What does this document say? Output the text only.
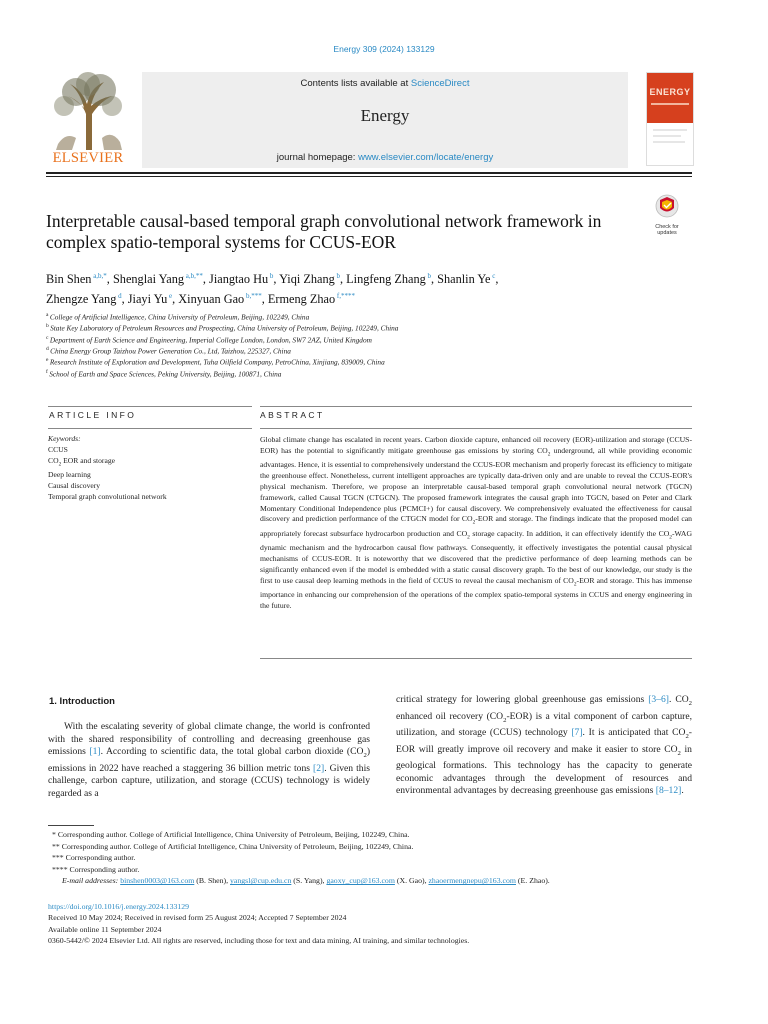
Energy 309 (2024) 133129
ELSEVIER
Contents lists available at ScienceDirect
Energy
journal homepage: www.elsevier.com/locate/energy
ENERGY
Interpretable causal-based temporal graph convolutional network framework in complex spatio-temporal systems for CCUS-EOR
Check for updates
Bin Shen $^{a,b,*}$, Shenglai Yang $^{a,b,**}$, Jiangtao Hu $^b$, Yiqi Zhang $^b$, Lingfeng Zhang $^b$, Shanlin Ye $^c$,
Zhengze Yang $^d$, Jiayi Yu $^e$, Xinyuan Gao $^{b,***}$, Ermeng Zhao $^{f,****}$
$^a$ College of Artificial Intelligence, China University of Petroleum, Beijing, 102249, China
$^b$ State Key Laboratory of Petroleum Resources and Prospecting, China University of Petroleum, Beijing, 102249, China
$^c$ Department of Earth Science and Engineering, Imperial College London, London, SW7 2AZ, United Kingdom
$^d$ China Energy Group Taizhou Power Generation Co., Ltd, Taizhou, 225327, China
$^e$ Research Institute of Exploration and Development, Tuha Oilfield Company, PetroChina, Xinjiang, 839009, China
$^f$ School of Earth and Space Sciences, Peking University, Beijing, 100871, China
ARTICLE INFO	ABSTRACT
Keywords:
CCUS
$CO_2$ EOR and storage
Deep learning
Causal discovery
Temporal graph convolutional network
Global climate change has escalated in recent years. Carbon dioxide capture, enhanced oil recovery (EOR)-utilization and storage (CCUS-EOR) has the potential to significantly mitigate greenhouse gas emissions by storing $CO_2$ underground, all while providing economic advantages. Hence, it is essential to comprehensively understand the CCUS-EOR mechanism and properly forecast its efficiency to mitigate the greenhouse effect. Nonetheless, current intelligent approaches are typically data-driven only and are unable to reveal the CCUS-EOR's physical mechanism. Therefore, we propose an interpretable causal-based temporal graph convolutional neural network (TGCN) framework, called Causal TGCN (CTGCN). The proposed framework integrates the causal graph into TGCN, based on Peter and Clark Momentary Conditional Independence plus (PCMCI+) for causal discovery. We comprehensively evaluated the effectiveness for causal discovery and prediction performance of the CTGCN model for $CO_2$-EOR and storage. The findings indicate that the proposed model can appropriately forecast subsurface hydrocarbon production and $CO_2$ storage capacity. In addition, it can effectively identify the $CO_2$-WAG dynamic mechanism and the hydrocarbon causal flow pathways. Consequently, it effectively investigates the potential causal physical mechanisms of CCUS-EOR. It is noteworthy that we discovered that the predictive performance of deep learning methods can be significantly enhanced even if the model is embedded with a static causal discovery graph. To the best of our knowledge, our study is the first to use causal deep learning methods in the field of CCUS to reveal the causal mechanism of $CO_2$-EOR and storage. This has immense importance in enhancing our comprehension of the operations of the complex spatio-temporal systems in CCUS and energy engineering in the future.
1. Introduction
With the escalating severity of global climate change, the world is confronted with the shared responsibility of controlling and decreasing greenhouse gas emissions [1]. According to scientific data, the total global carbon dioxide $(CO_2)$ emissions in 2022 have reached a staggering 36 billion metric tons [2]. Given this challenge, carbon capture, utilization, and storage (CCUS) technology is widely regarded as a
critical strategy for lowering global greenhouse gas emissions [3–6]. $CO_2$ enhanced oil recovery $(CO_2-EOR)$ is a vital component of carbon capture, utilization, and storage (CCUS) technology [7]. It is anticipated that $CO_2$-EOR will greatly improve oil recovery and make it easier to store $CO_2$ in geological formations. This technology has the capacity to generate economic advantages through the development of resources and environmental advantages by decreasing greenhouse gas emissions [8–12].
* Corresponding author. College of Artificial Intelligence, China University of Petroleum, Beijing, 102249, China.
** Corresponding author. College of Artificial Intelligence, China University of Petroleum, Beijing, 102249, China.
*** Corresponding author.
**** Corresponding author.
E-mail addresses: binshen0003@163.com (B. Shen), yangsl@cup.edu.cn (S. Yang), gaoxy_cup@163.com (X. Gao), zhaoermengnepu@163.com (E. Zhao).
https://doi.org/10.1016/j.energy.2024.133129
Received 10 May 2024; Received in revised form 25 August 2024; Accepted 7 September 2024
Available online 11 September 2024
0360-5442/© 2024 Elsevier Ltd. All rights are reserved, including those for text and data mining, AI training, and similar technologies.
